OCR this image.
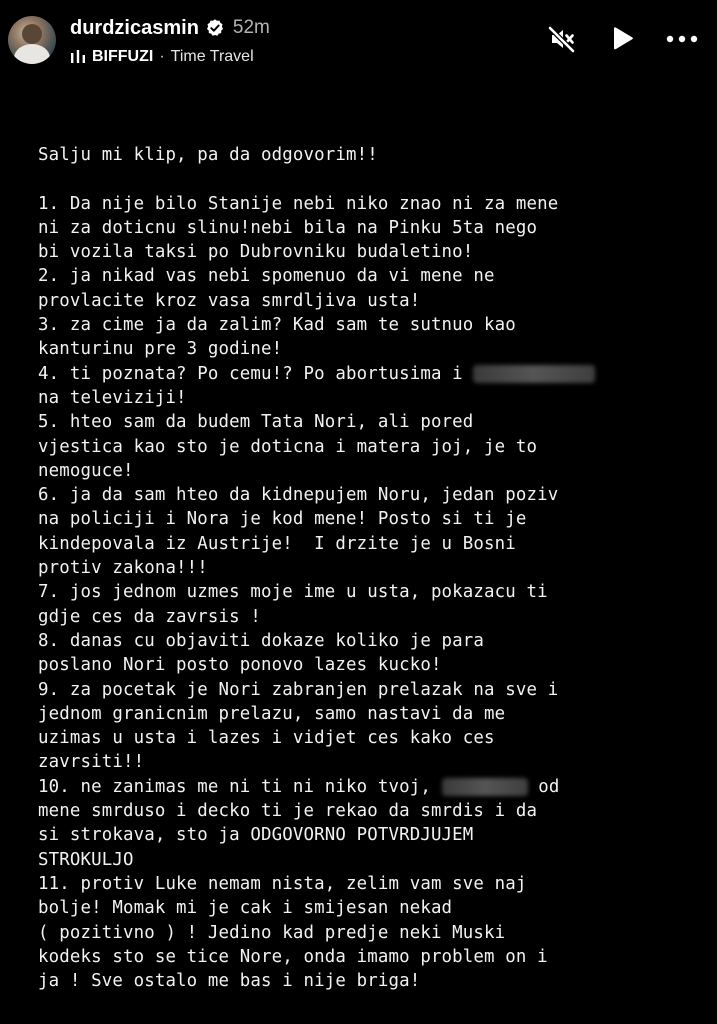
durdzicasmin 52m
BIFFUZI · Time Travel
Salju mi klip, pa da odgovorim!!

1. Da nije bilo Stanije nebi niko znao ni za mene
ni za doticnu slinu!nebi bila na Pinku 5ta nego
bi vozila taksi po Dubrovniku budaletino!
2. ja nikad vas nebi spomenuo da vi mene ne
provlacite kroz vasa smrdljiva usta!
3. za cime ja da zalim? Kad sam te sutnuo kao
kanturinu pre 3 godine!
4. ti poznata? Po cemu!? Po abortusima i
na televiziji!
5. hteo sam da budem Tata Nori, ali pored
vjestica kao sto je doticna i matera joj, je to
nemoguce!
6. ja da sam hteo da kidnepujem Noru, jedan poziv
na policiji i Nora je kod mene! Posto si ti je
kindepovala iz Austrije!  I drzite je u Bosni
protiv zakona!!!
7. jos jednom uzmes moje ime u usta, pokazacu ti
gdje ces da zavrsis !
8. danas cu objaviti dokaze koliko je para
poslano Nori posto ponovo lazes kucko!
9. za pocetak je Nori zabranjen prelazak na sve i
jednom granicnim prelazu, samo nastavi da me
uzimas u usta i lazes i vidjet ces kako ces
zavrsiti!!
10. ne zanimas me ni ti ni niko tvoj,	od
mene smrduso i decko ti je rekao da smrdis i da
si strokava, sto ja ODGOVORNO POTVRDJUJEM
STROKULJO
11. protiv Luke nemam nista, zelim vam sve naj
bolje! Momak mi je cak i smijesan nekad
( pozitivno ) ! Jedino kad predje neki Muski
kodeks sto se tice Nore, onda imamo problem on i
ja ! Sve ostalo me bas i nije briga!
